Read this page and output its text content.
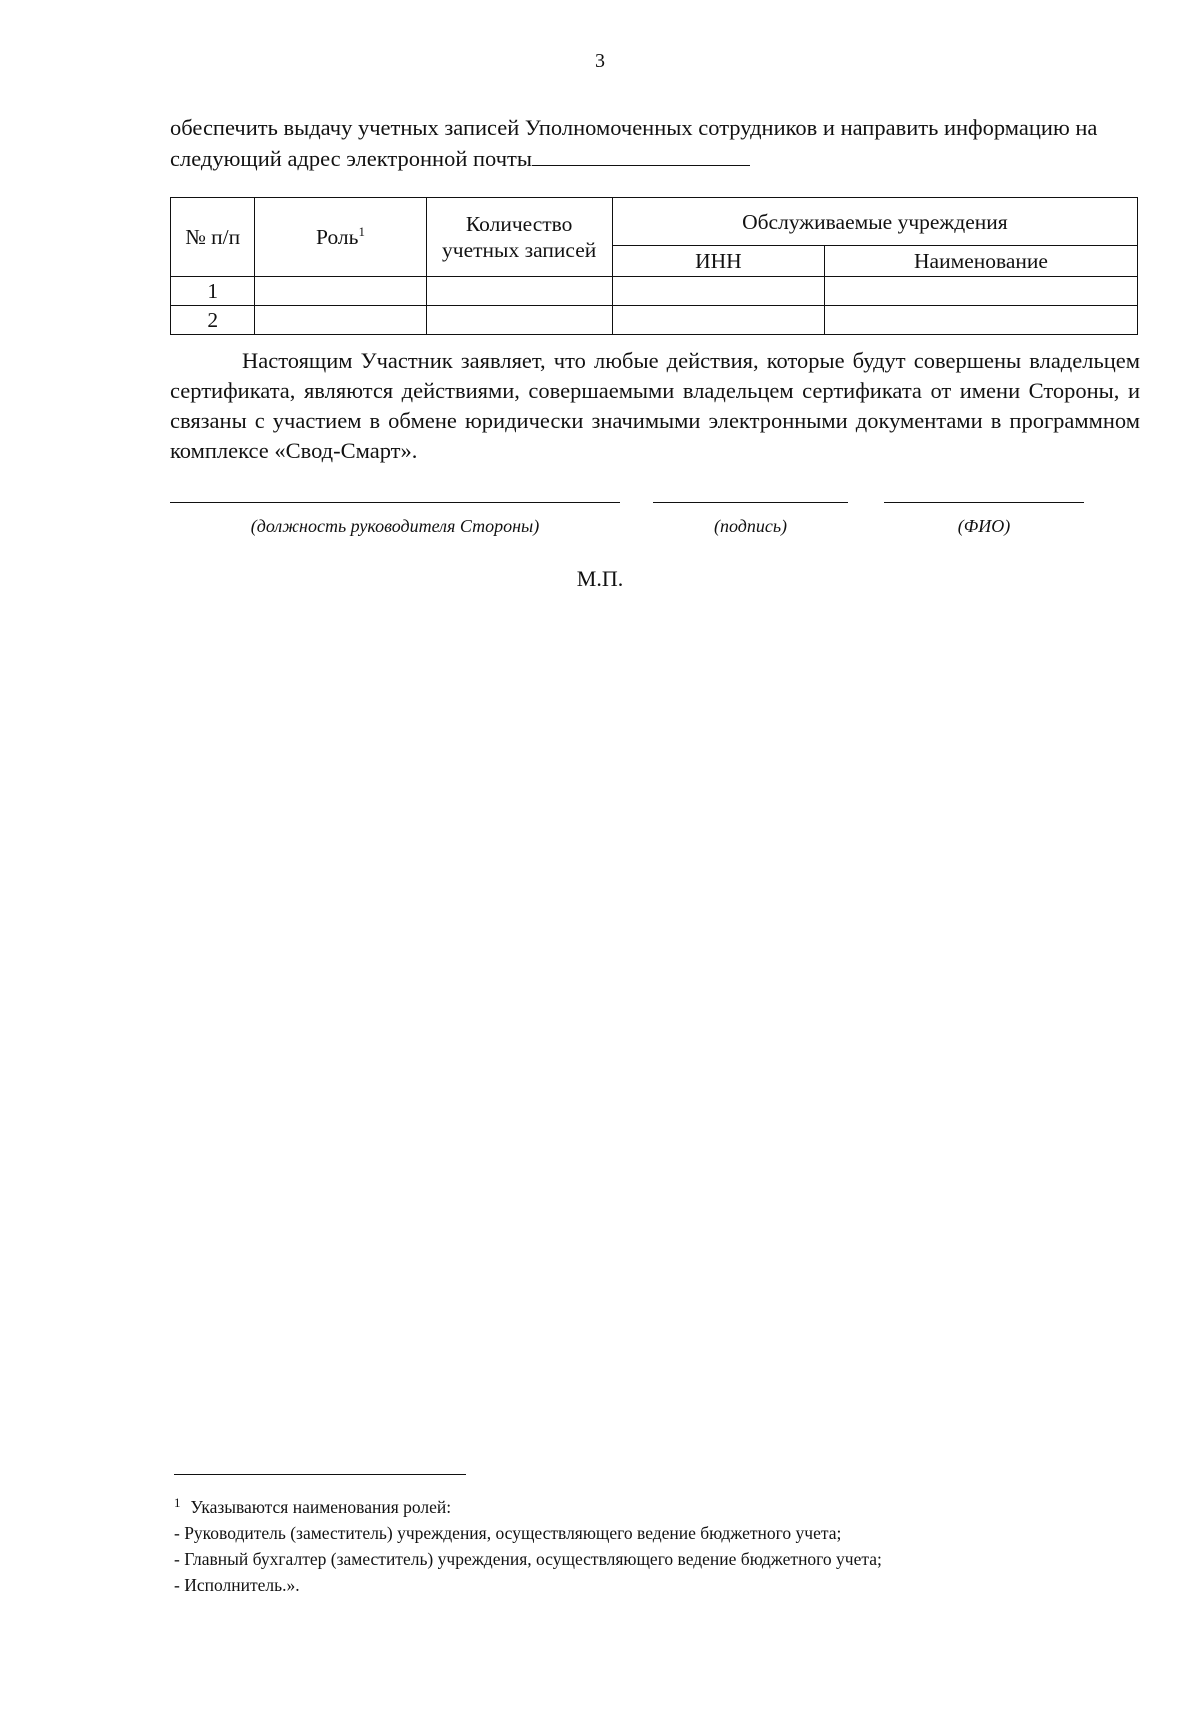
3
обеспечить выдачу учетных записей Уполномоченных сотрудников и направить информацию на следующий адрес электронной почты
№ п/п	Роль$^1$	Количество учетных записей	Обслуживаемые учреждения	
			ИНН	Наименование
1				
2				
Настоящим Участник заявляет, что любые действия, которые будут совершены владельцем сертификата, являются действиями, совершаемыми владельцем сертификата от имени Стороны, и связаны с участием в обмене юридически значимыми электронными документами в программном комплексе «Свод-Смарт».
(должность руководителя Стороны)	(подпись)	(ФИО)
М.П.
$^1$ Указываются наименования ролей:
- Руководитель (заместитель) учреждения, осуществляющего ведение бюджетного учета;
- Главный бухгалтер (заместитель) учреждения, осуществляющего ведение бюджетного учета;
- Исполнитель.».
